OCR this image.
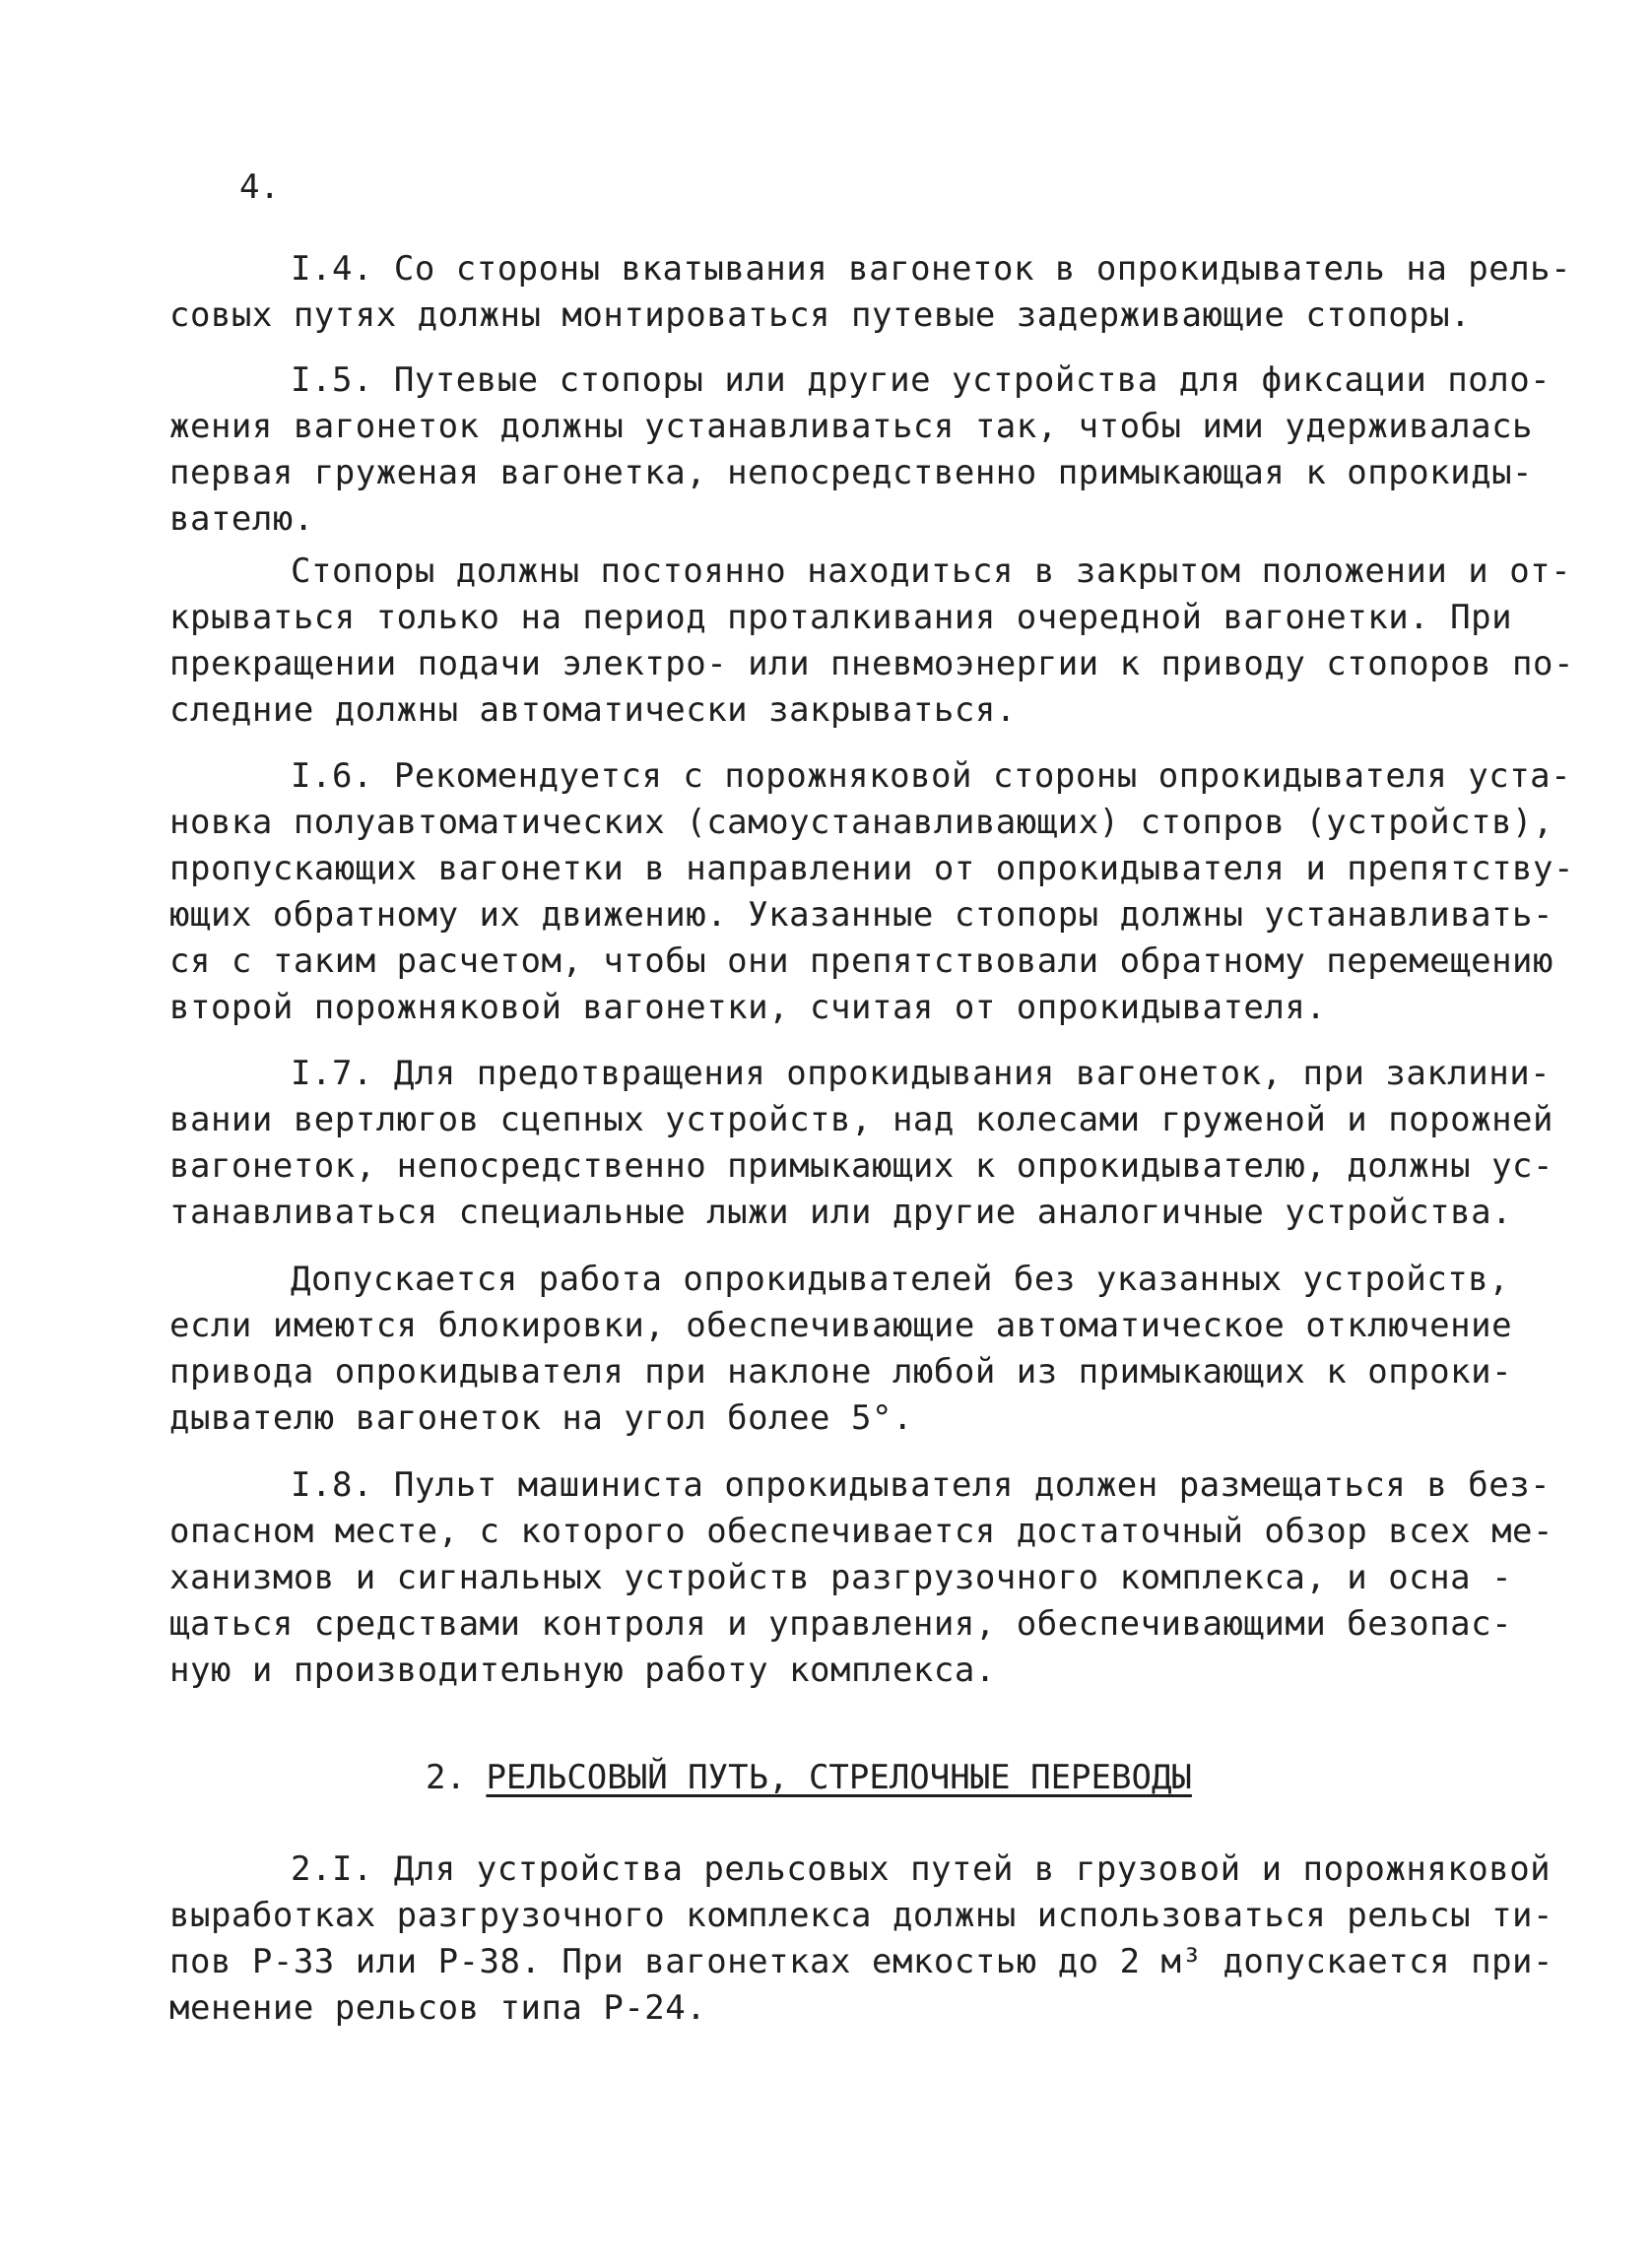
4.
I.4. Со стороны вкатывания вагонеток в опрокидыватель на рель-
совых путях должны монтироваться путевые задерживающие стопоры.
I.5. Путевые стопоры или другие устройства для фиксации поло-
жения вагонеток должны устанавливаться так, чтобы ими удерживалась
первая груженая вагонетка, непосредственно примыкающая к опрокиды-
вателю.
Стопоры должны постоянно находиться в закрытом положении и от-
крываться только на период проталкивания очередной вагонетки. При
прекращении подачи электро- или пневмоэнергии к приводу стопоров по-
следние должны автоматически закрываться.
I.6. Рекомендуется с порожняковой стороны опрокидывателя уста-
новка полуавтоматических (самоустанавливающих) стопров (устройств),
пропускающих вагонетки в направлении от опрокидывателя и препятству-
ющих обратному их движению. Указанные стопоры должны устанавливать-
ся с таким расчетом, чтобы они препятствовали обратному перемещению
второй порожняковой вагонетки, считая от опрокидывателя.
I.7. Для предотвращения опрокидывания вагонеток, при заклини-
вании вертлюгов сцепных устройств, над колесами груженой и порожней
вагонеток, непосредственно примыкающих к опрокидывателю, должны ус-
танавливаться специальные лыжи или другие аналогичные устройства.
Допускается работа опрокидывателей без указанных устройств,
если имеются блокировки, обеспечивающие автоматическое отключение
привода опрокидывателя при наклоне любой из примыкающих к опроки-
дывателю вагонеток на угол более 5°.
I.8. Пульт машиниста опрокидывателя должен размещаться в без-
опасном месте, с которого обеспечивается достаточный обзор всех ме-
ханизмов и сигнальных устройств разгрузочного комплекса, и осна -
щаться средствами контроля и управления, обеспечивающими безопас-
ную и производительную работу комплекса.
2. РЕЛЬСОВЫЙ ПУТЬ, СТРЕЛОЧНЫЕ ПЕРЕВОДЫ
2.I. Для устройства рельсовых путей в грузовой и порожняковой
выработках разгрузочного комплекса должны использоваться рельсы ти-
пов Р-33 или Р-38. При вагонетках емкостью до 2 м³ допускается при-
менение рельсов типа Р-24.
